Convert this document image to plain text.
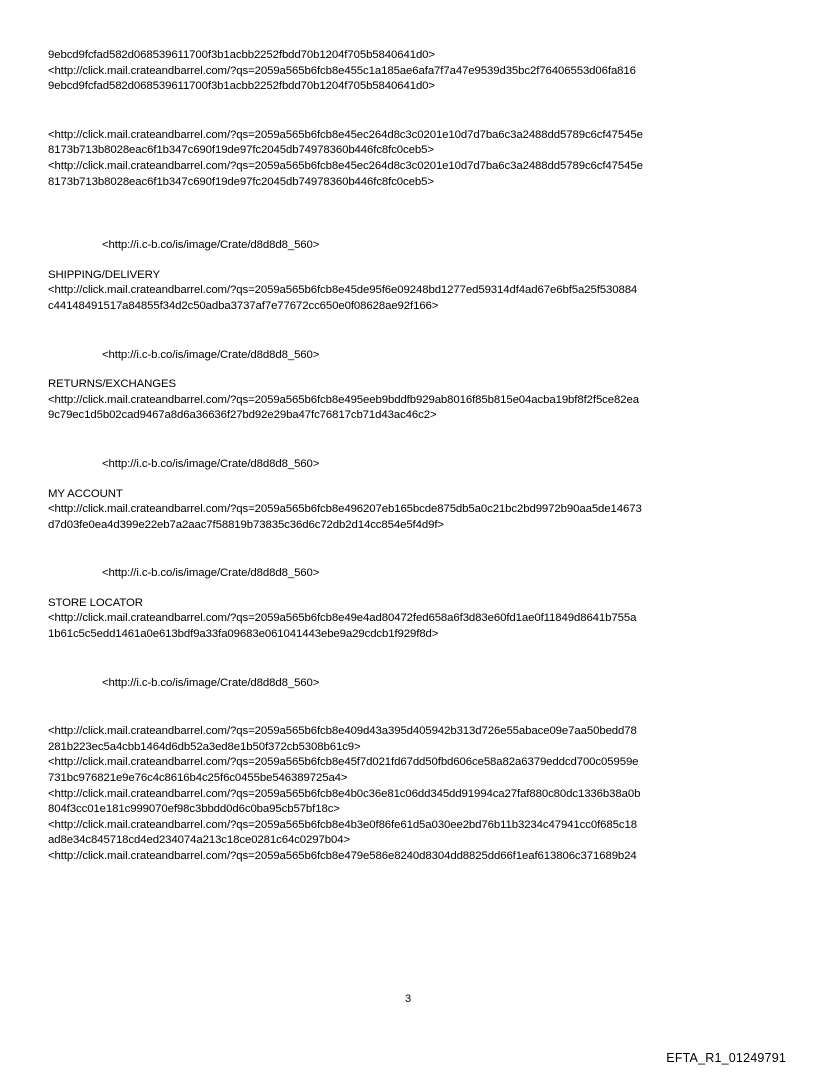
9ebcd9fcfad582d068539611700f3b1acbb2252fbdd70b1204f705b5840641d0>

<http://click.mail.crateandbarrel.com/?qs=2059a565b6fcb8e455c1a185ae6afa7f7a47e9539d35bc2f76406553d06fa816

9ebcd9fcfad582d068539611700f3b1acbb2252fbdd70b1204f705b5840641d0>

<http://click.mail.crateandbarrel.com/?qs=2059a565b6fcb8e45ec264d8c3c0201e10d7d7ba6c3a2488dd5789c6cf47545e

8173b713b8028eac6f1b347c690f19de97fc2045db74978360b446fc8fc0ceb5>

<http://click.mail.crateandbarrel.com/?qs=2059a565b6fcb8e45ec264d8c3c0201e10d7d7ba6c3a2488dd5789c6cf47545e

8173b713b8028eac6f1b347c690f19de97fc2045db74978360b446fc8fc0ceb5>

<http://i.c-b.co/is/image/Crate/d8d8d8_560>

SHIPPING/DELIVERY

<http://click.mail.crateandbarrel.com/?qs=2059a565b6fcb8e45de95f6e09248bd1277ed59314df4ad67e6bf5a25f530884

c44148491517a84855f34d2c50adba3737af7e77672cc650e0f08628ae92f166>

<http://i.c-b.co/is/image/Crate/d8d8d8_560>

RETURNS/EXCHANGES

<http://click.mail.crateandbarrel.com/?qs=2059a565b6fcb8e495eeb9bddfb929ab8016f85b815e04acba19bf8f2f5ce82ea

9c79ec1d5b02cad9467a8d6a36636f27bd92e29ba47fc76817cb71d43ac46c2>

<http://i.c-b.co/is/image/Crate/d8d8d8_560>

MY ACCOUNT

<http://click.mail.crateandbarrel.com/?qs=2059a565b6fcb8e496207eb165bcde875db5a0c21bc2bd9972b90aa5de14673

d7d03fe0ea4d399e22eb7a2aac7f58819b73835c36d6c72db2d14cc854e5f4d9f>

<http://i.c-b.co/is/image/Crate/d8d8d8_560>

STORE LOCATOR

<http://click.mail.crateandbarrel.com/?qs=2059a565b6fcb8e49e4ad80472fed658a6f3d83e60fd1ae0f11849d8641b755a

1b61c5c5edd1461a0e613bdf9a33fa09683e061041443ebe9a29cdcb1f929f8d>

<http://i.c-b.co/is/image/Crate/d8d8d8_560>

<http://click.mail.crateandbarrel.com/?qs=2059a565b6fcb8e409d43a395d405942b313d726e55abace09e7aa50bedd78

281b223ec5a4cbb1464d6db52a3ed8e1b50f372cb5308b61c9>

<http://click.mail.crateandbarrel.com/?qs=2059a565b6fcb8e45f7d021fd67dd50fbd606ce58a82a6379eddcd700c05959e

731bc976821e9e76c4c8616b4c25f6c0455be546389725a4>

<http://click.mail.crateandbarrel.com/?qs=2059a565b6fcb8e4b0c36e81c06dd345dd91994ca27faf880c80dc1336b38a0b

804f3cc01e181c999070ef98c3bbdd0d6c0ba95cb57bf18c>

<http://click.mail.crateandbarrel.com/?qs=2059a565b6fcb8e4b3e0f86fe61d5a030ee2bd76b11b3234c47941cc0f685c18

ad8e34c845718cd4ed234074a213c18ce0281c64c0297b04>

<http://click.mail.crateandbarrel.com/?qs=2059a565b6fcb8e479e586e8240d8304dd8825dd66f1eaf613806c371689b24

3
EFTA_R1_01249791
